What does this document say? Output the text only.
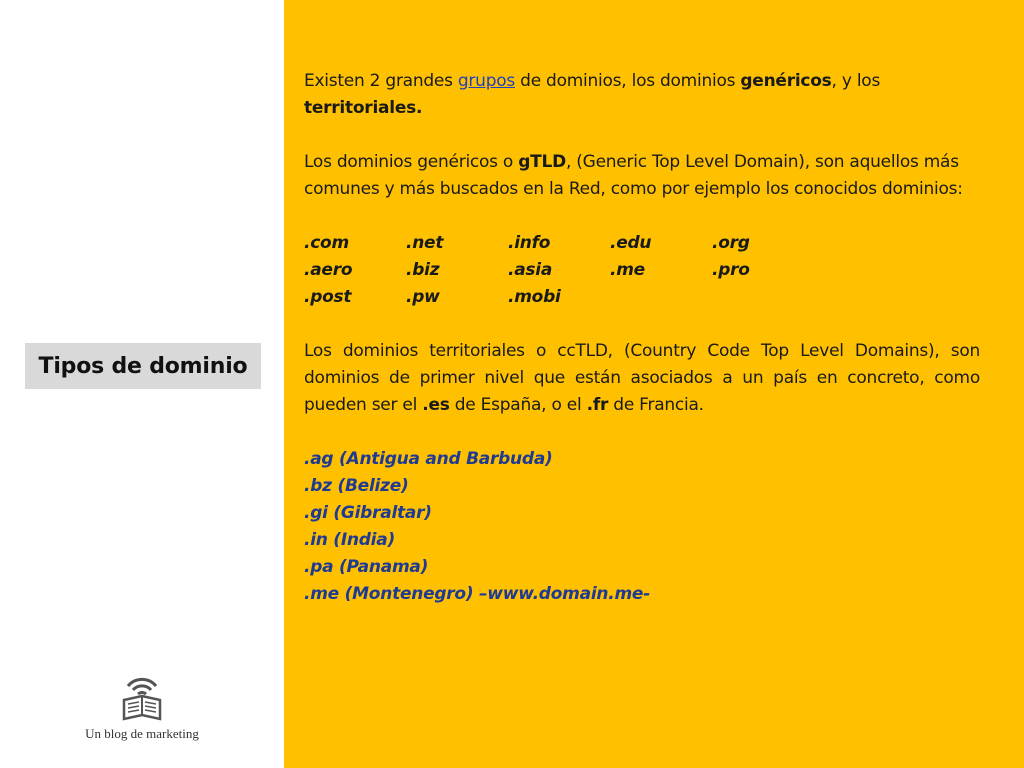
Tipos de dominio
Un blog de marketing

Existen 2 grandes grupos de dominios, los dominios genéricos, y los territoriales.

Los dominios genéricos o gTLD, (Generic Top Level Domain), son aquellos más comunes y más buscados en la Red, como por ejemplo los conocidos dominios:

.com	.net	.info	.edu	.org
.aero	.biz	.asia	.me	.pro
.post	.pw	.mobi

Los dominios territoriales o ccTLD, (Country Code Top Level Domains), son dominios de primer nivel que están asociados a un país en concreto, como pueden ser el .es de España, o el .fr de Francia.

.ag (Antigua and Barbuda)

.bz (Belize)

.gi (Gibraltar)

.in (India)

.pa (Panama)

.me (Montenegro) –www.domain.me-
